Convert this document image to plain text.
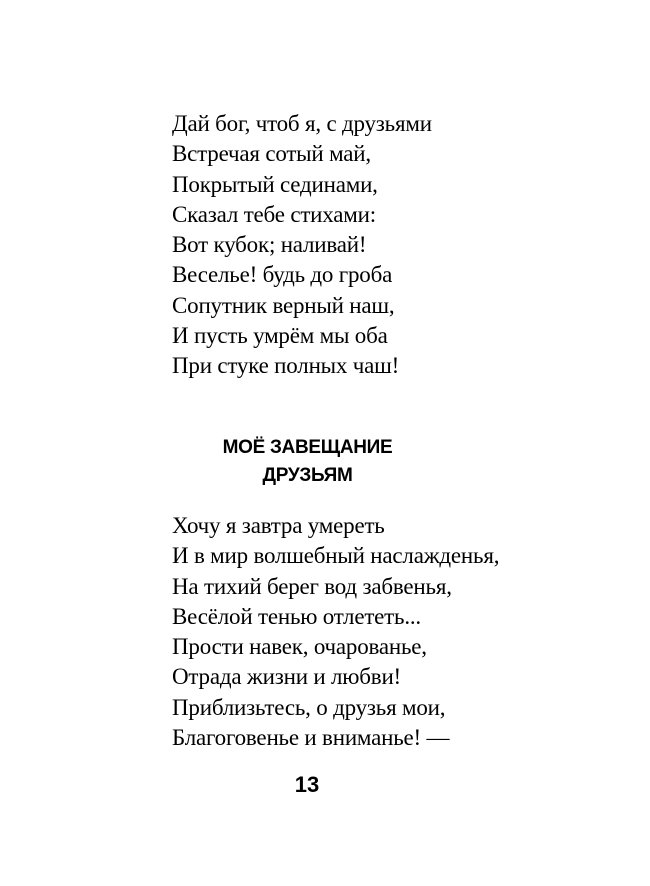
Дай бог, чтоб я, с друзьями
Встречая сотый май,
Покрытый сединами,
Сказал тебе стихами:
Вот кубок; наливай!
Веселье! будь до гроба
Сопутник верный наш,
И пусть умрём мы оба
При стуке полных чаш!
МОЁ ЗАВЕЩАНИЕ
ДРУЗЬЯМ
Хочу я завтра умереть
И в мир волшебный наслажденья,
На тихий берег вод забвенья,
Весёлой тенью отлететь...
Прости навек, очарованье,
Отрада жизни и любви!
Приблизьтесь, о друзья мои,
Благоговенье и вниманье! —
13
